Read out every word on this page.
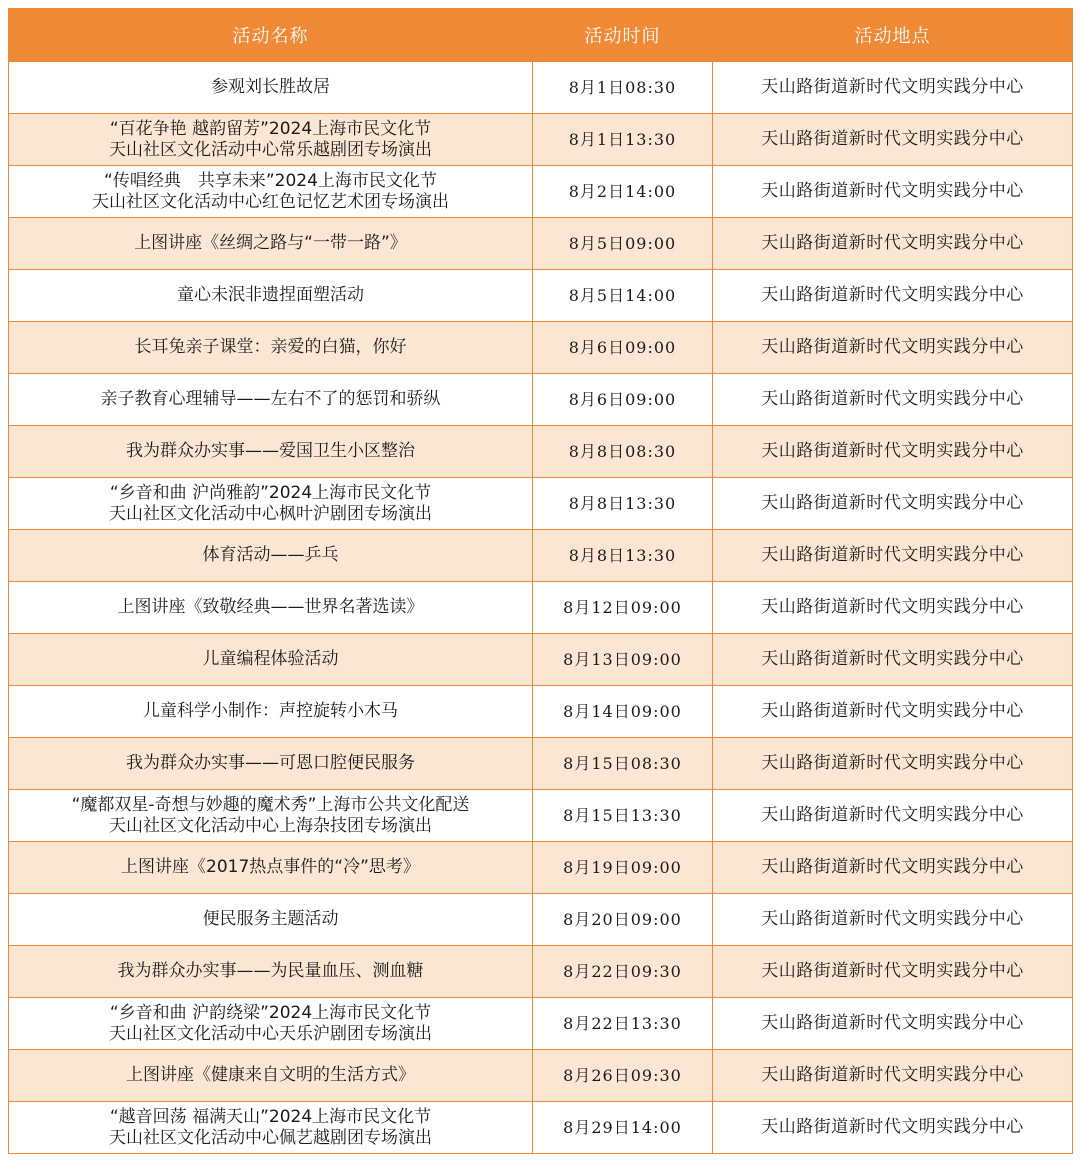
活动名称	活动时间	活动地点

参观刘长胜故居	8月1日08:30	天山路街道新时代文明实践分中心

“百花争艳 越韵留芳”2024上海市民文化节
天山社区文化活动中心常乐越剧团专场演出	8月1日13:30	天山路街道新时代文明实践分中心

“传唱经典　共享未来”2024上海市民文化节
天山社区文化活动中心红色记忆艺术团专场演出	8月2日14:00	天山路街道新时代文明实践分中心

上图讲座《丝绸之路与“一带一路”》	8月5日09:00	天山路街道新时代文明实践分中心

童心未泯非遗捏面塑活动	8月5日14:00	天山路街道新时代文明实践分中心

长耳兔亲子课堂：亲爱的白猫，你好	8月6日09:00	天山路街道新时代文明实践分中心

亲子教育心理辅导——左右不了的惩罚和骄纵	8月6日09:00	天山路街道新时代文明实践分中心

我为群众办实事——爱国卫生小区整治	8月8日08:30	天山路街道新时代文明实践分中心

“乡音和曲 沪尚雅韵”2024上海市民文化节
天山社区文化活动中心枫叶沪剧团专场演出	8月8日13:30	天山路街道新时代文明实践分中心

体育活动——乒乓	8月8日13:30	天山路街道新时代文明实践分中心

上图讲座《致敬经典——世界名著选读》	8月12日09:00	天山路街道新时代文明实践分中心

儿童编程体验活动	8月13日09:00	天山路街道新时代文明实践分中心

儿童科学小制作：声控旋转小木马	8月14日09:00	天山路街道新时代文明实践分中心

我为群众办实事——可恩口腔便民服务	8月15日08:30	天山路街道新时代文明实践分中心

“魔都双星-奇想与妙趣的魔术秀”上海市公共文化配送
天山社区文化活动中心上海杂技团专场演出	8月15日13:30	天山路街道新时代文明实践分中心

上图讲座《2017热点事件的“冷”思考》	8月19日09:00	天山路街道新时代文明实践分中心

便民服务主题活动	8月20日09:00	天山路街道新时代文明实践分中心

我为群众办实事——为民量血压、测血糖	8月22日09:30	天山路街道新时代文明实践分中心

“乡音和曲 沪韵绕梁”2024上海市民文化节
天山社区文化活动中心天乐沪剧团专场演出	8月22日13:30	天山路街道新时代文明实践分中心

上图讲座《健康来自文明的生活方式》	8月26日09:30	天山路街道新时代文明实践分中心

“越音回荡 福满天山”2024上海市民文化节
天山社区文化活动中心佩艺越剧团专场演出	8月29日14:00	天山路街道新时代文明实践分中心
